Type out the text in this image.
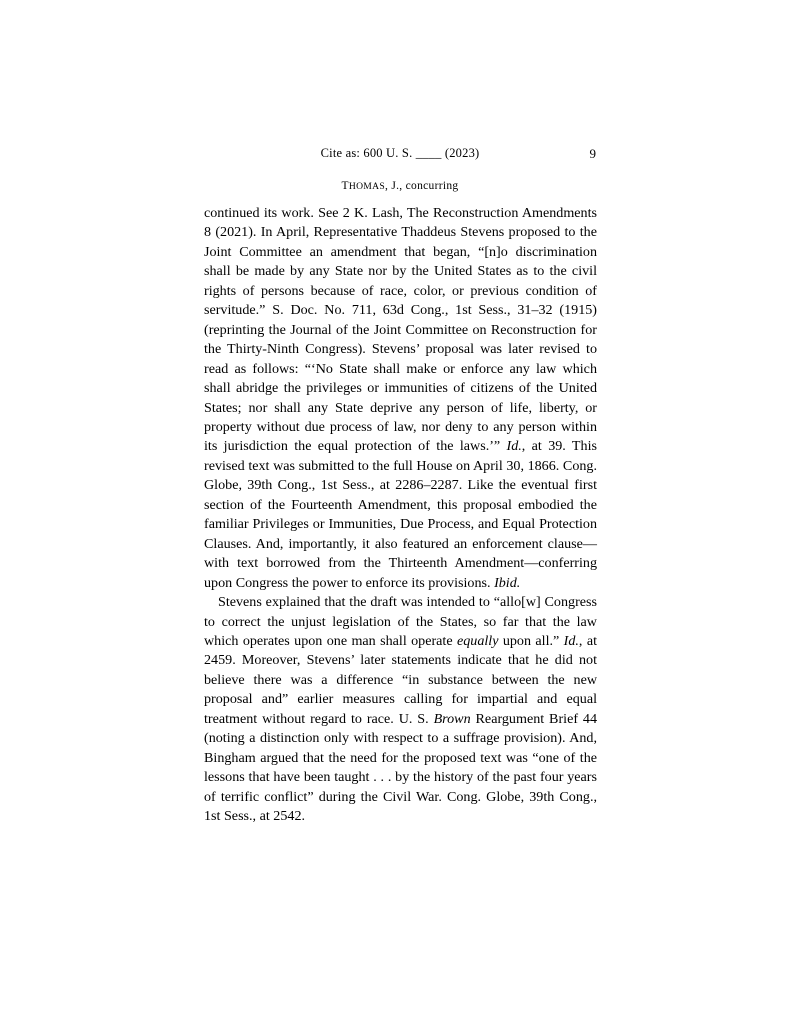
Cite as: 600 U. S. ____ (2023)	9
THOMAS, J., concurring

continued its work. See 2 K. Lash, The Reconstruction Amendments 8 (2021). In April, Representative Thaddeus Stevens proposed to the Joint Committee an amendment that began, “[n]o discrimination shall be made by any State nor by the United States as to the civil rights of persons because of race, color, or previous condition of servitude.” S. Doc. No. 711, 63d Cong., 1st Sess., 31–32 (1915) (reprinting the Journal of the Joint Committee on Reconstruction for the Thirty-Ninth Congress). Stevens’ proposal was later revised to read as follows: “‘No State shall make or enforce any law which shall abridge the privileges or immunities of citizens of the United States; nor shall any State deprive any person of life, liberty, or property without due process of law, nor deny to any person within its jurisdiction the equal protection of the laws.’” Id., at 39. This revised text was submitted to the full House on April 30, 1866. Cong. Globe, 39th Cong., 1st Sess., at 2286–2287. Like the eventual first section of the Fourteenth Amendment, this proposal embodied the familiar Privileges or Immunities, Due Process, and Equal Protection Clauses. And, importantly, it also featured an enforcement clause—with text borrowed from the Thirteenth Amendment—conferring upon Congress the power to enforce its provisions. Ibid.

Stevens explained that the draft was intended to “allo[w] Congress to correct the unjust legislation of the States, so far that the law which operates upon one man shall operate equally upon all.” Id., at 2459. Moreover, Stevens’ later statements indicate that he did not believe there was a difference “in substance between the new proposal and” earlier measures calling for impartial and equal treatment without regard to race. U. S. Brown Reargument Brief 44 (noting a distinction only with respect to a suffrage provision). And, Bingham argued that the need for the proposed text was “one of the lessons that have been taught . . . by the history of the past four years of terrific conflict” during the Civil War. Cong. Globe, 39th Cong., 1st Sess., at 2542.
